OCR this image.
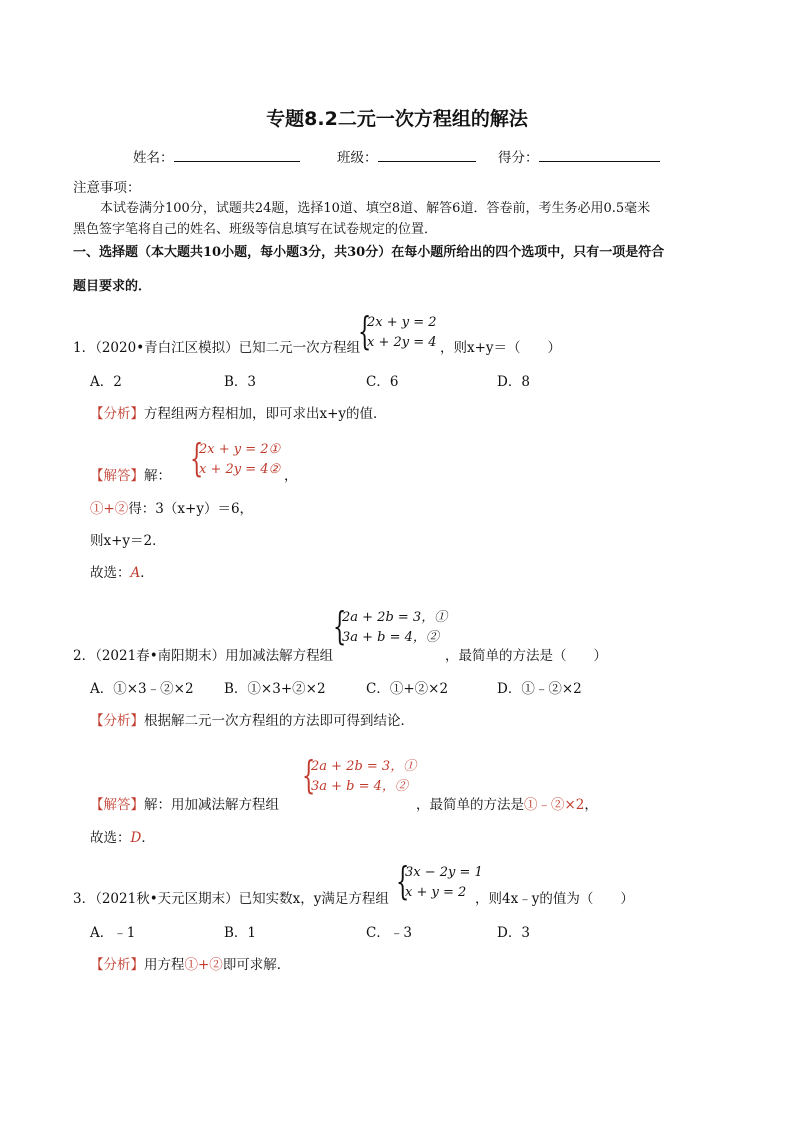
专题8.2二元一次方程组的解法
姓名：	班级：	得分：
注意事项：
本试卷满分100分，试题共24题，选择10道、填空8道、解答6道．答卷前，考生务必用0.5毫米
黑色签字笔将自己的姓名、班级等信息填写在试卷规定的位置．
一、选择题（本大题共10小题，每小题3分，共30分）在每小题所给出的四个选项中，只有一项是符合
题目要求的．
1．（2020•青白江区模拟）已知二元一次方程组
{
2x + y = 2
x + 2y = 4 ，则x+y＝（　　）
A．2	B．3	C．6	D．8
【分析】方程组两方程相加，即可求出x+y的值．
【解答】解： {
2x + y = 2①
x + 2y = 4② ，
①+②得：3（x+y）＝6，
则x+y＝2．
故选：A．
{
2a + 2b = 3，①
3a + b = 4，②
2．（2021春•南阳期末）用加减法解方程组	，最简单的方法是（　　）
A．①×3﹣②×2 B．①×3+②×2	C．①+②×2	D．①﹣②×2
【分析】根据解二元一次方程组的方法即可得到结论．
{
2a + 2b = 3，①
3a + b = 4，②
【解答】解：用加减法解方程组	，最简单的方法是①﹣②×2，
故选：D．
3．（2021秋•天元区期末）已知实数x，y满足方程组 {
3x − 2y = 1
x + y = 2 ，则4x﹣y的值为（　　）
A．﹣1	B．1	C．﹣3	D．3
【分析】用方程①+②即可求解．
